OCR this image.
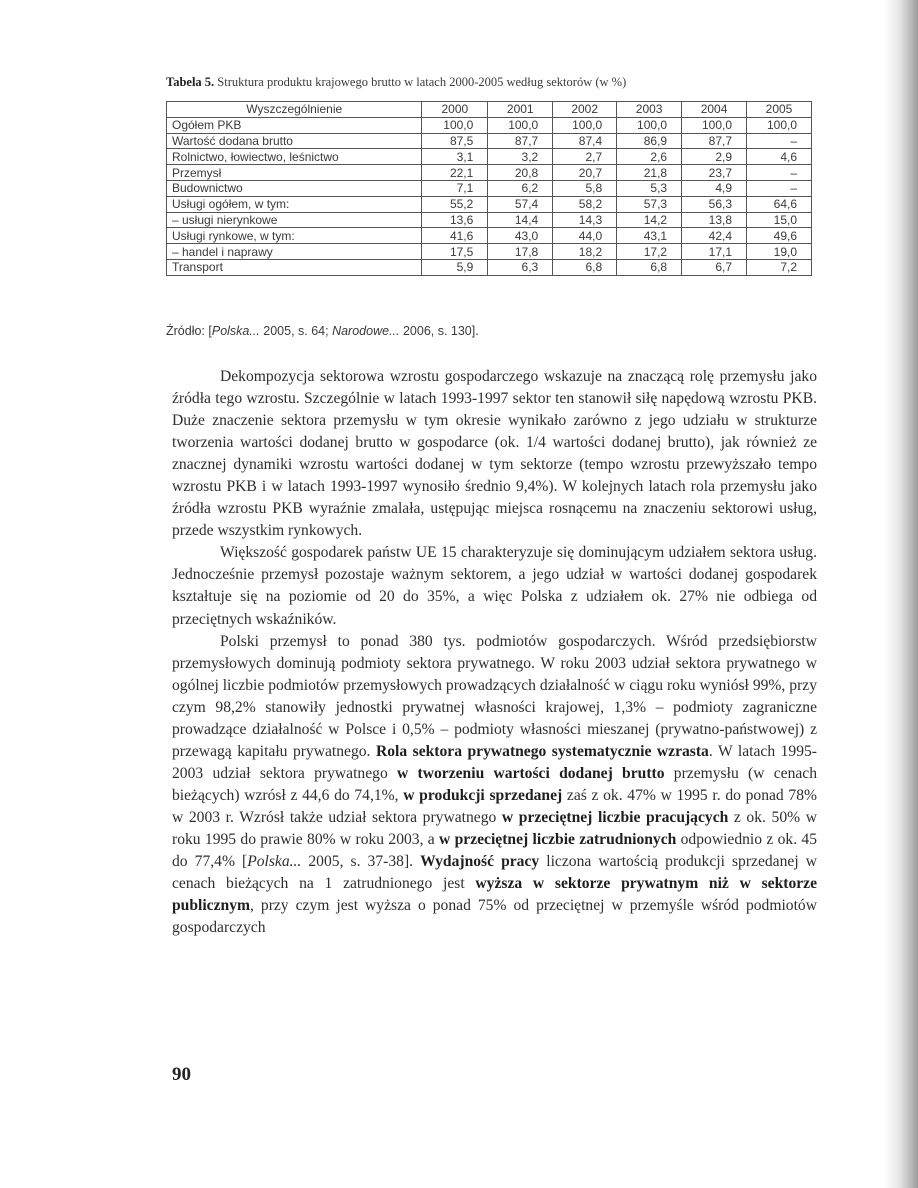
Tabela 5. Struktura produktu krajowego brutto w latach 2000-2005 według sektorów (w %)
Wyszczególnienie	2000	2001	2002	2003	2004	2005
Ogółem PKB	100,0	100,0	100,0	100,0	100,0	100,0
Wartość dodana brutto	87,5	87,7	87,4	86,9	87,7	–
Rolnictwo, łowiectwo, leśnictwo	3,1	3,2	2,7	2,6	2,9	4,6
Przemysł	22,1	20,8	20,7	21,8	23,7	–
Budownictwo	7,1	6,2	5,8	5,3	4,9	–
Usługi ogółem, w tym:	55,2	57,4	58,2	57,3	56,3	64,6
– usługi nierynkowe	13,6	14,4	14,3	14,2	13,8	15,0
Usługi rynkowe, w tym:	41,6	43,0	44,0	43,1	42,4	49,6
– handel i naprawy	17,5	17,8	18,2	17,2	17,1	19,0
Transport	5,9	6,3	6,8	6,8	6,7	7,2
Źródło: [Polska... 2005, s. 64; Narodowe... 2006, s. 130].

Dekompozycja sektorowa wzrostu gospodarczego wskazuje na znaczącą rolę przemysłu jako źródła tego wzrostu. Szczególnie w latach 1993-1997 sektor ten stanowił siłę napędową wzrostu PKB. Duże znaczenie sektora przemysłu w tym okresie wynikało zarówno z jego udziału w strukturze tworzenia wartości dodanej brutto w gospodarce (ok. 1/4 wartości dodanej brutto), jak również ze znacznej dynamiki wzrostu wartości dodanej w tym sektorze (tempo wzrostu przewyższało tempo wzrostu PKB i w latach 1993-1997 wynosiło średnio 9,4%). W kolejnych latach rola przemysłu jako źródła wzrostu PKB wyraźnie zmalała, ustępując miejsca rosnącemu na znaczeniu sektorowi usług, przede wszystkim rynkowych.

Większość gospodarek państw UE 15 charakteryzuje się dominującym udziałem sektora usług. Jednocześnie przemysł pozostaje ważnym sektorem, a jego udział w wartości dodanej gospodarek kształtuje się na poziomie od 20 do 35%, a więc Polska z udziałem ok. 27% nie odbiega od przeciętnych wskaźników.

Polski przemysł to ponad 380 tys. podmiotów gospodarczych. Wśród przedsiębiorstw przemysłowych dominują podmioty sektora prywatnego. W roku 2003 udział sektora prywatnego w ogólnej liczbie podmiotów przemysłowych prowadzących działalność w ciągu roku wyniósł 99%, przy czym 98,2% stanowiły jednostki prywatnej własności krajowej, 1,3% – podmioty zagraniczne prowadzące działalność w Polsce i 0,5% – podmioty własności mieszanej (prywatno-państwowej) z przewagą kapitału prywatnego. Rola sektora prywatnego systematycznie wzrasta. W latach 1995-2003 udział sektora prywatnego w tworzeniu wartości dodanej brutto przemysłu (w cenach bieżących) wzrósł z 44,6 do 74,1%, w produkcji sprzedanej zaś z ok. 47% w 1995 r. do ponad 78% w 2003 r. Wzrósł także udział sektora prywatnego w przeciętnej liczbie pracujących z ok. 50% w roku 1995 do prawie 80% w roku 2003, a w przeciętnej liczbie zatrudnionych odpowiednio z ok. 45 do 77,4% [Polska... 2005, s. 37-38]. Wydajność pracy liczona wartością produkcji sprzedanej w cenach bieżących na 1 zatrudnionego jest wyższa w sektorze prywatnym niż w sektorze publicznym, przy czym jest wyższa o ponad 75% od przeciętnej w przemyśle wśród podmiotów gospodarczych

90
